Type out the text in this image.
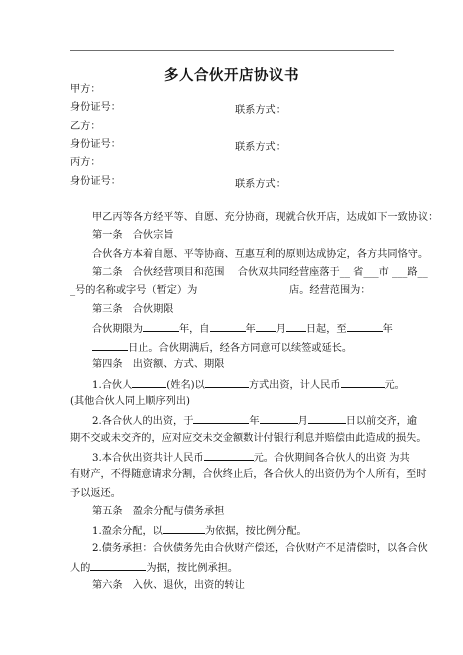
多人合伙开店协议书
甲方：
身份证号：	联系方式：
乙方：
身份证号：	联系方式：
丙方：
身份证号：	联系方式：
甲乙丙等各方经平等、自愿、充分协商，现就合伙开店，达成如下一致协议：
第一条　合伙宗旨
合伙各方本着自愿、平等协商、互惠互利的原则达成协定，各方共同恪守。
第二条　合伙经营项目和范围　 合伙双共同经营座落于__ 省___市 ___路__
_号的名称或字号（暂定）为　　　　　　　　　店。经营范围为：
第三条　合伙期限
合伙期限为	年，自	年 月 日起，至	年
日止。合伙期满后，经各方同意可以续签或延长。
第四条　出资额、方式、期限
1.合伙人	(姓名)以	方式出资，计人民币	元。
(其他合伙人同上顺序列出)
2.各合伙人的出资，于	年	月	日以前交齐，逾
期不交或未交齐的，应对应交未交金额数计付银行利息并赔偿由此造成的损失。
3.本合伙出资共计人民币	元。合伙期间各合伙人的出资 为共
有财产，不得随意请求分割，合伙终止后，各合伙人的出资仍为个人所有，至时
予以返还。
第五条　盈余分配与债务承担
1.盈余分配，以	为依据，按比例分配。
2.债务承担：合伙债务先由合伙财产偿还，合伙财产不足清偿时，以各合伙
人的	为据，按比例承担。
第六条　入伙、退伙，出资的转让
